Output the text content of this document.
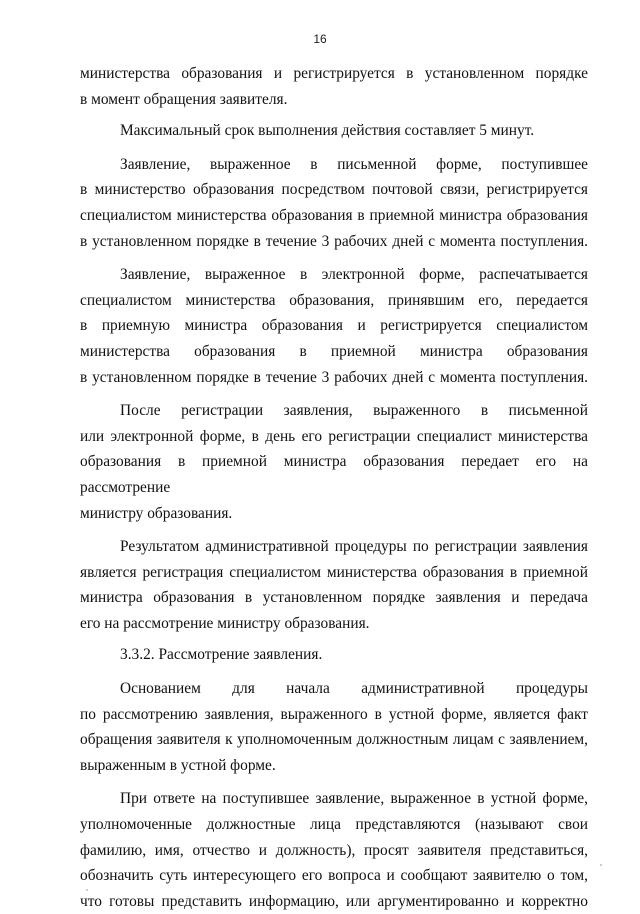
16

министерства образования и регистрируется в установленном порядке

в момент обращения заявителя.

Максимальный срок выполнения действия составляет 5 минут.

Заявление, выраженное в письменной форме, поступившее

в министерство образования посредством почтовой связи, регистрируется

специалистом министерства образования в приемной министра образования

в установленном порядке в течение 3 рабочих дней с момента поступления.

Заявление, выраженное в электронной форме, распечатывается

специалистом министерства образования, принявшим его, передается

в приемную министра образования и регистрируется специалистом

министерства образования в приемной министра образования

в установленном порядке в течение 3 рабочих дней с момента поступления.

После регистрации заявления, выраженного в письменной

или электронной форме, в день его регистрации специалист министерства

образования в приемной министра образования передает его на рассмотрение

министру образования.

Результатом административной процедуры по регистрации заявления

является регистрация специалистом министерства образования в приемной

министра образования в установленном порядке заявления и передача

его на рассмотрение министру образования.

3.3.2. Рассмотрение заявления.

Основанием для начала административной процедуры

по рассмотрению заявления, выраженного в устной форме, является факт

обращения заявителя к уполномоченным должностным лицам с заявлением,

выраженным в устной форме.

При ответе на поступившее заявление, выраженное в устной форме,

уполномоченные должностные лица представляются (называют свои

фамилию, имя, отчество и должность), просят заявителя представиться,

обозначить суть интересующего его вопроса и сообщают заявителю о том,

что готовы представить информацию, или аргументированно и корректно
